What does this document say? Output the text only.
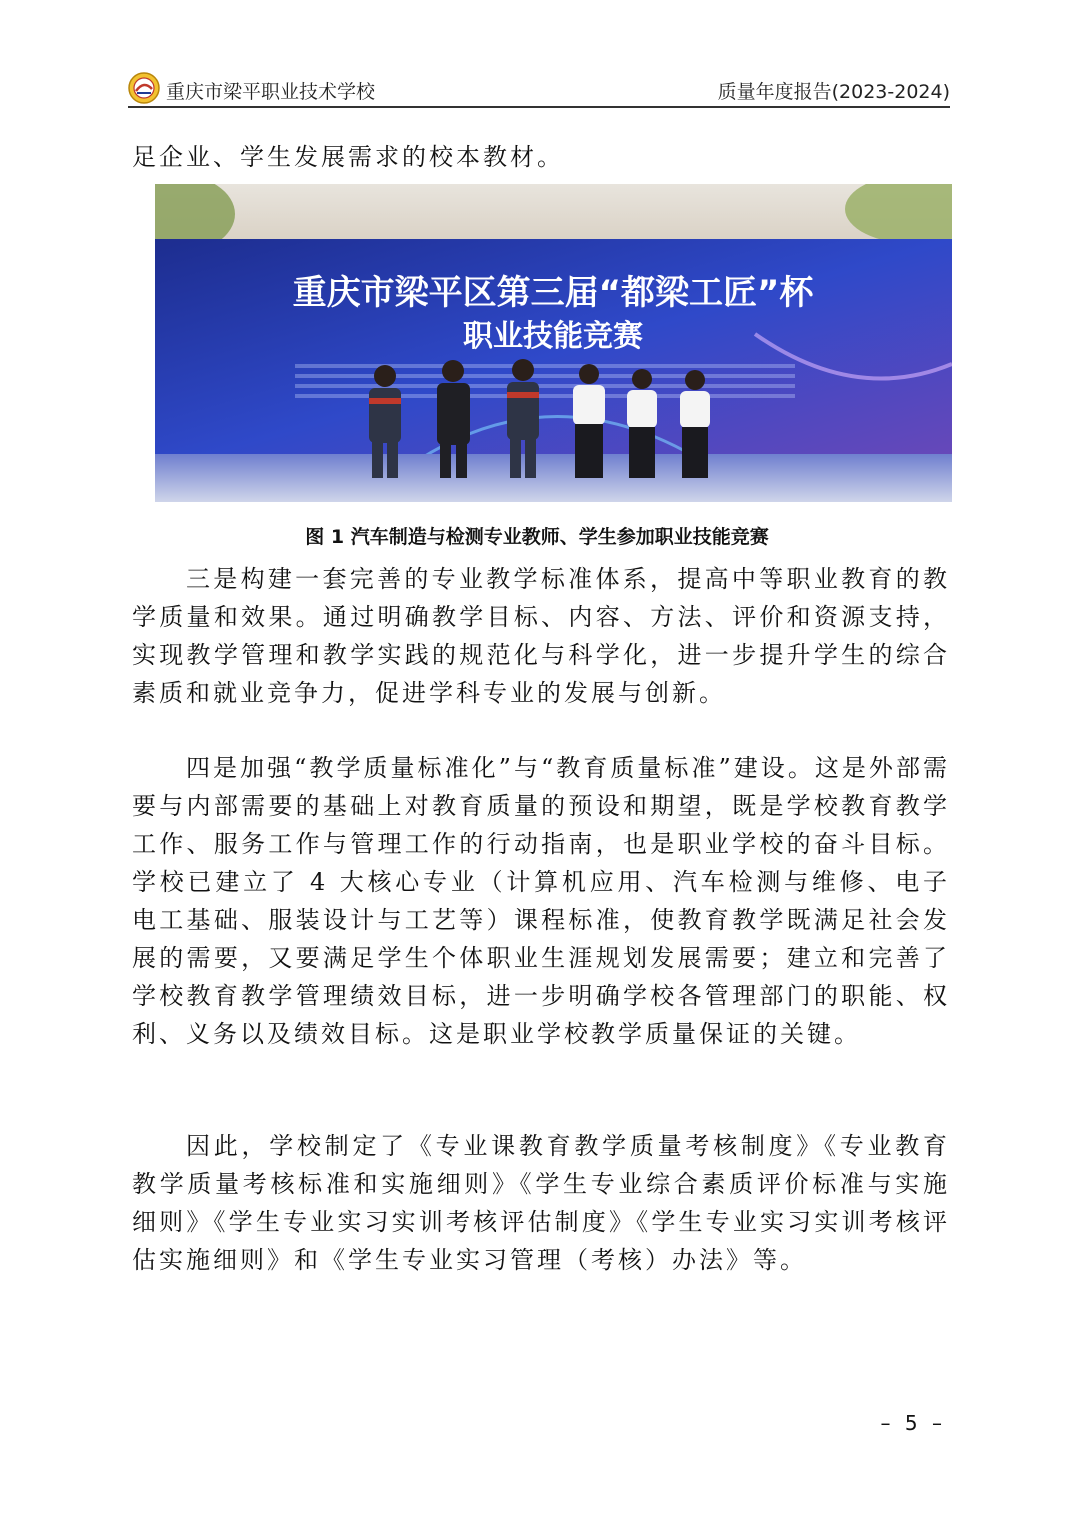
重庆市梁平职业技术学校	质量年度报告(2023-2024)

足企业、学生发展需求的校本教材。

重庆市梁平区第三届“都梁工匠”杯
职业技能竞赛
图 1 汽车制造与检测专业教师、学生参加职业技能竞赛

三是构建一套完善的专业教学标准体系，提高中等职业教育的教学质量和效果。通过明确教学目标、内容、方法、评价和资源支持，实现教学管理和教学实践的规范化与科学化，进一步提升学生的综合素质和就业竞争力，促进学科专业的发展与创新。

四是加强“教学质量标准化”与“教育质量标准”建设。这是外部需要与内部需要的基础上对教育质量的预设和期望，既是学校教育教学工作、服务工作与管理工作的行动指南，也是职业学校的奋斗目标。学校已建立了 4 大核心专业（计算机应用、汽车检测与维修、电子电工基础、服装设计与工艺等）课程标准，使教育教学既满足社会发展的需要，又要满足学生个体职业生涯规划发展需要；建立和完善了学校教育教学管理绩效目标，进一步明确学校各管理部门的职能、权利、义务以及绩效目标。这是职业学校教学质量保证的关键。

因此，学校制定了《专业课教育教学质量考核制度》《专业教育教学质量考核标准和实施细则》《学生专业综合素质评价标准与实施细则》《学生专业实习实训考核评估制度》《学生专业实习实训考核评估实施细则》和《学生专业实习管理（考核）办法》等。

– 5 –
